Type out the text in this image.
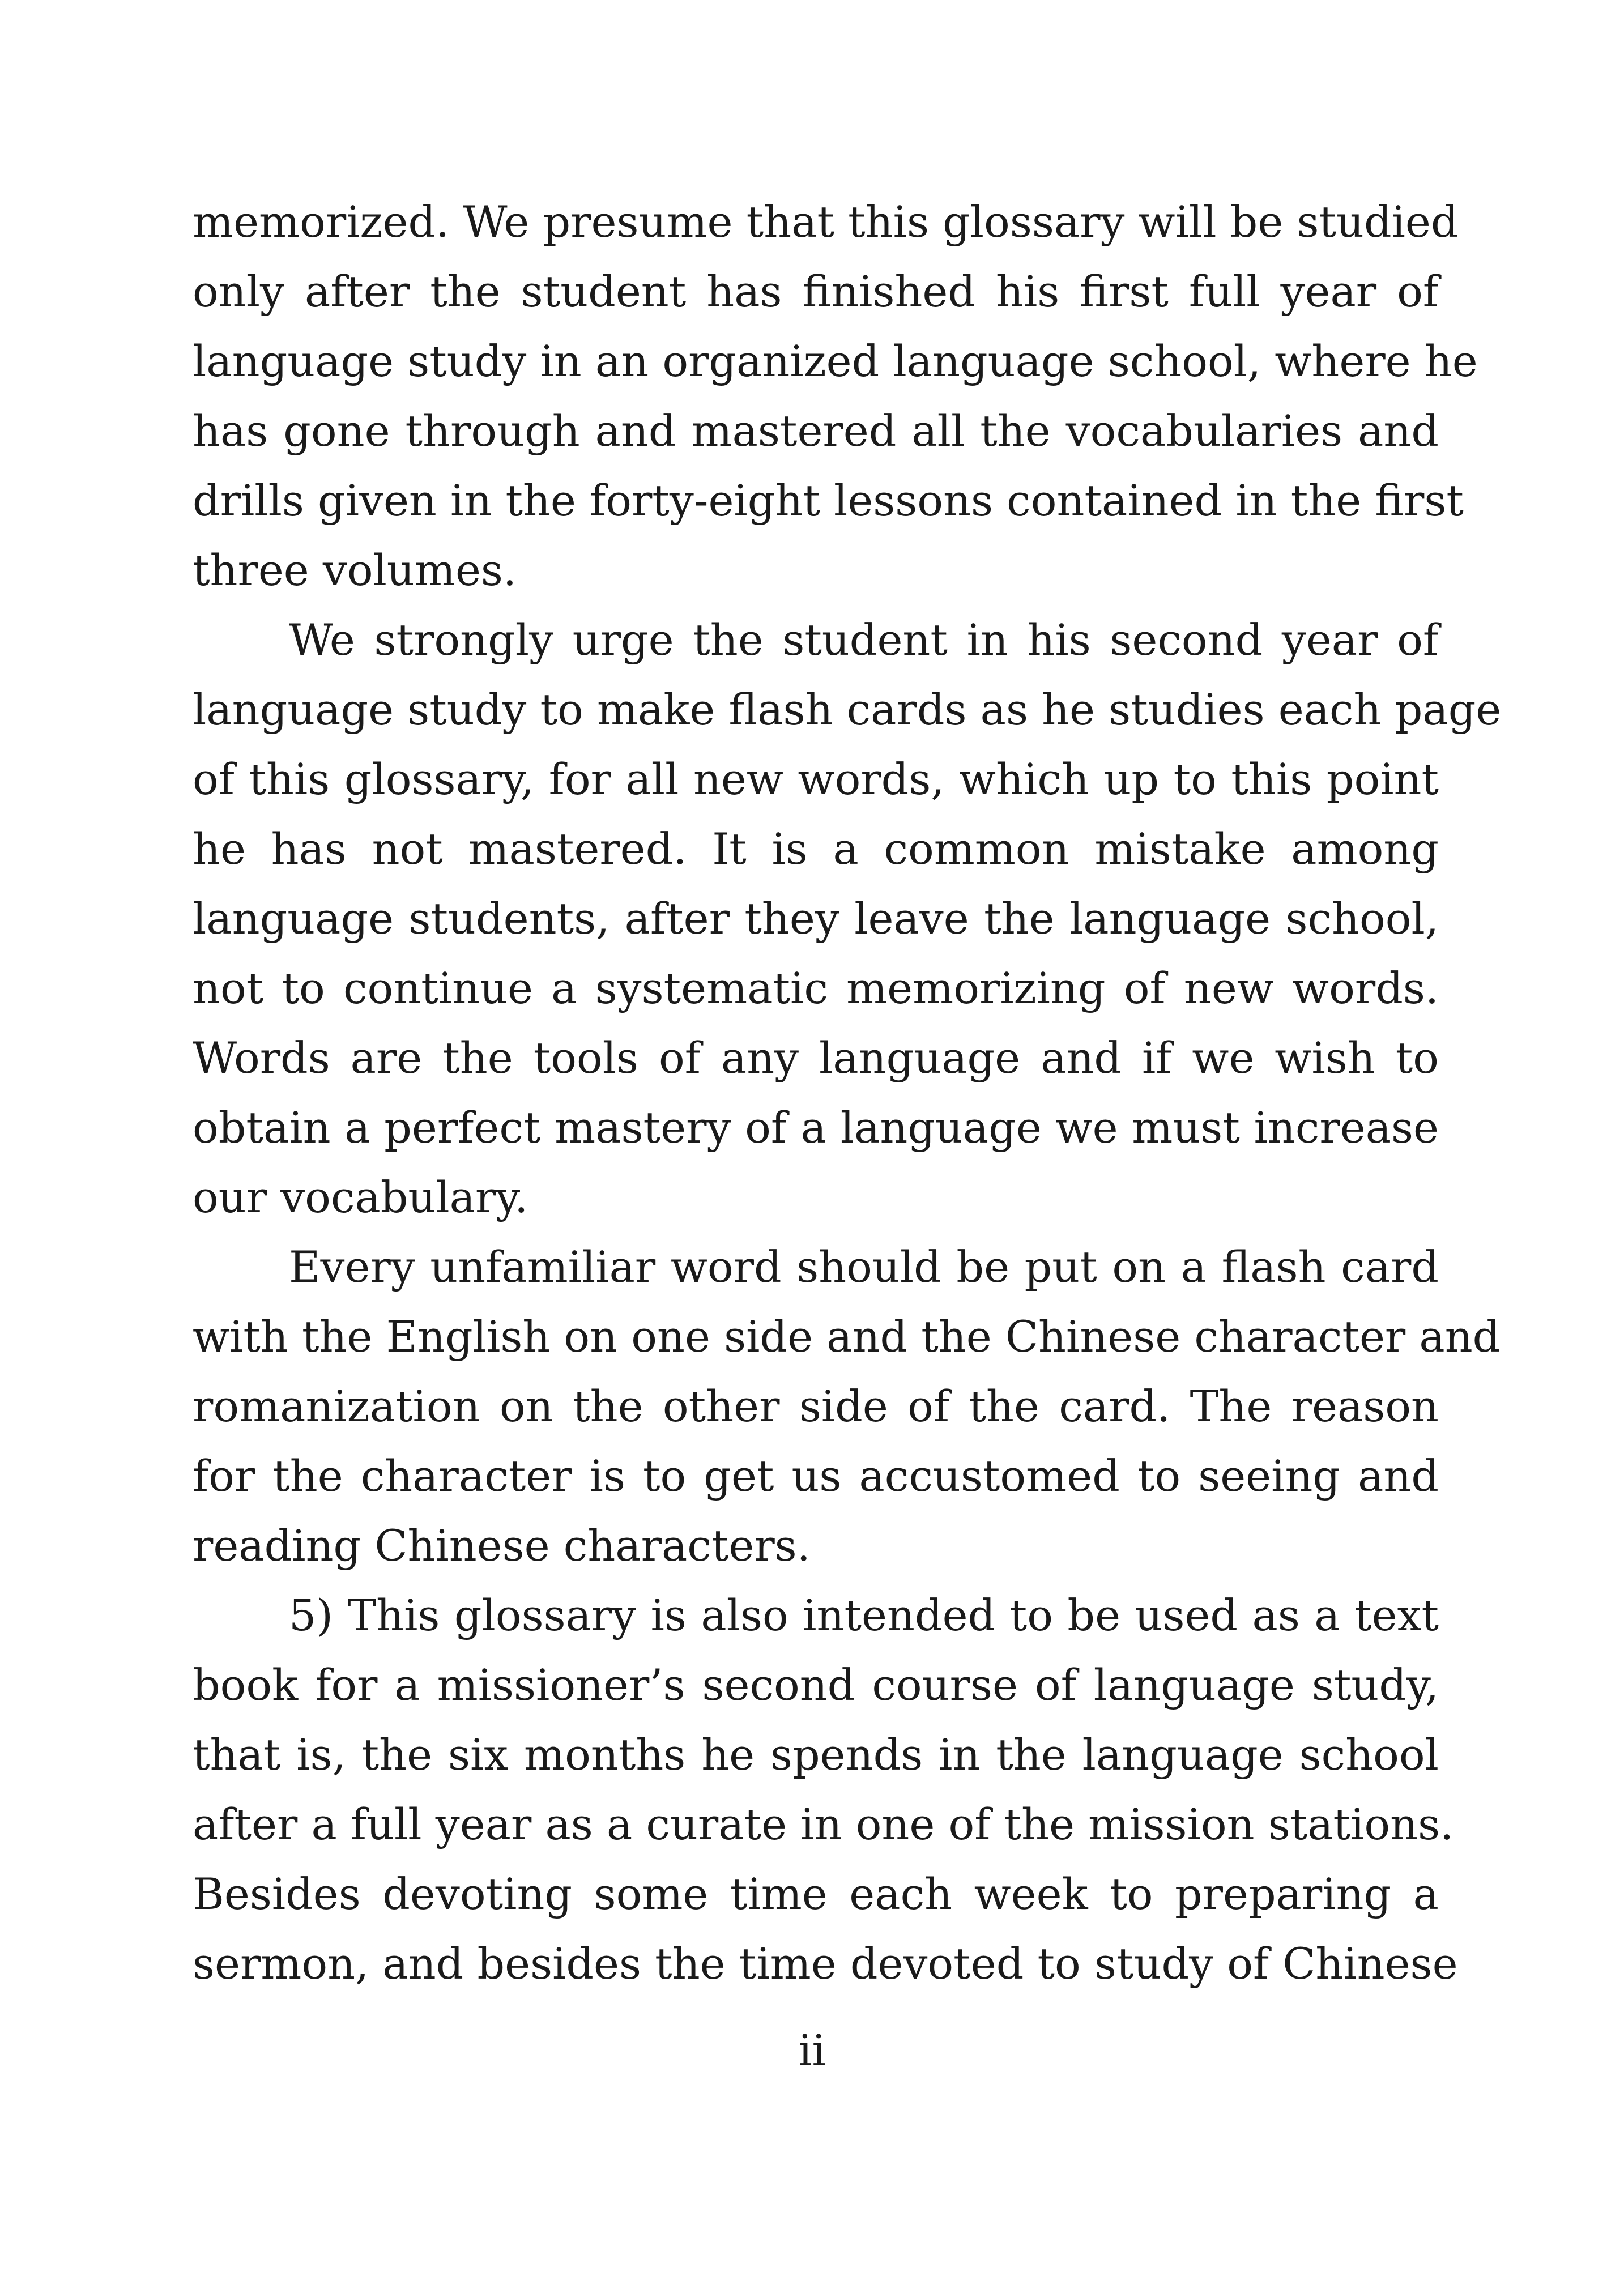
memorized. We presume that this glossary will be studied
only after the student has finished his first full year of
language study in an organized language school, where he
has gone through and mastered all the vocabularies and
drills given in the forty-eight lessons contained in the first
three volumes.
We strongly urge the student in his second year of
language study to make flash cards as he studies each page
of this glossary, for all new words, which up to this point
he has not mastered. It is a common mistake among
language students, after they leave the language school,
not to continue a systematic memorizing of new words.
Words are the tools of any language and if we wish to
obtain a perfect mastery of a language we must increase
our vocabulary.
Every unfamiliar word should be put on a flash card
with the English on one side and the Chinese character and
romanization on the other side of the card. The reason
for the character is to get us accustomed to seeing and
reading Chinese characters.
5) This glossary is also intended to be used as a text
book for a missioner’s second course of language study,
that is, the six months he spends in the language school
after a full year as a curate in one of the mission stations.
Besides devoting some time each week to preparing a
sermon, and besides the time devoted to study of Chinese
ii
